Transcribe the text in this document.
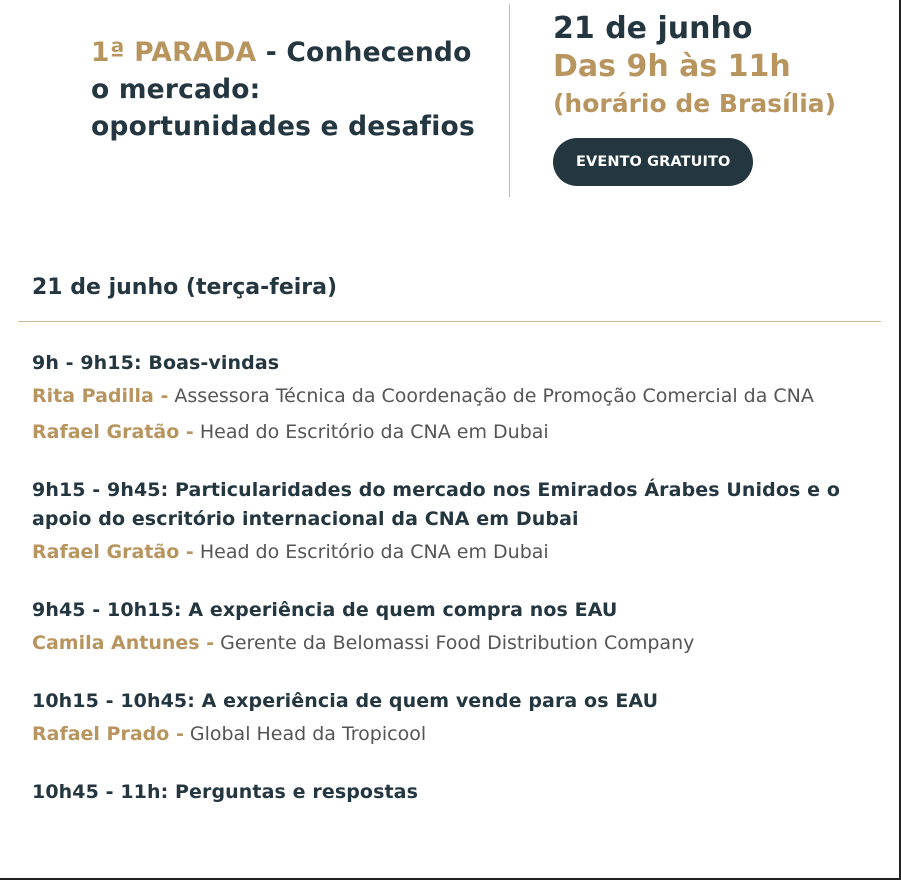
1ª PARADA - Conhecendo o mercado: oportunidades e desafios
21 de junho
Das 9h às 11h
(horário de Brasília)
EVENTO GRATUITO
21 de junho (terça-feira)
9h - 9h15: Boas-vindas
Rita Padilla - Assessora Técnica da Coordenação de Promoção Comercial da CNA
Rafael Gratão - Head do Escritório da CNA em Dubai
9h15 - 9h45: Particularidades do mercado nos Emirados Árabes Unidos e o apoio do escritório internacional da CNA em Dubai
Rafael Gratão - Head do Escritório da CNA em Dubai
9h45 - 10h15: A experiência de quem compra nos EAU
Camila Antunes - Gerente da Belomassi Food Distribution Company
10h15 - 10h45: A experiência de quem vende para os EAU
Rafael Prado - Global Head da Tropicool
10h45 - 11h: Perguntas e respostas
